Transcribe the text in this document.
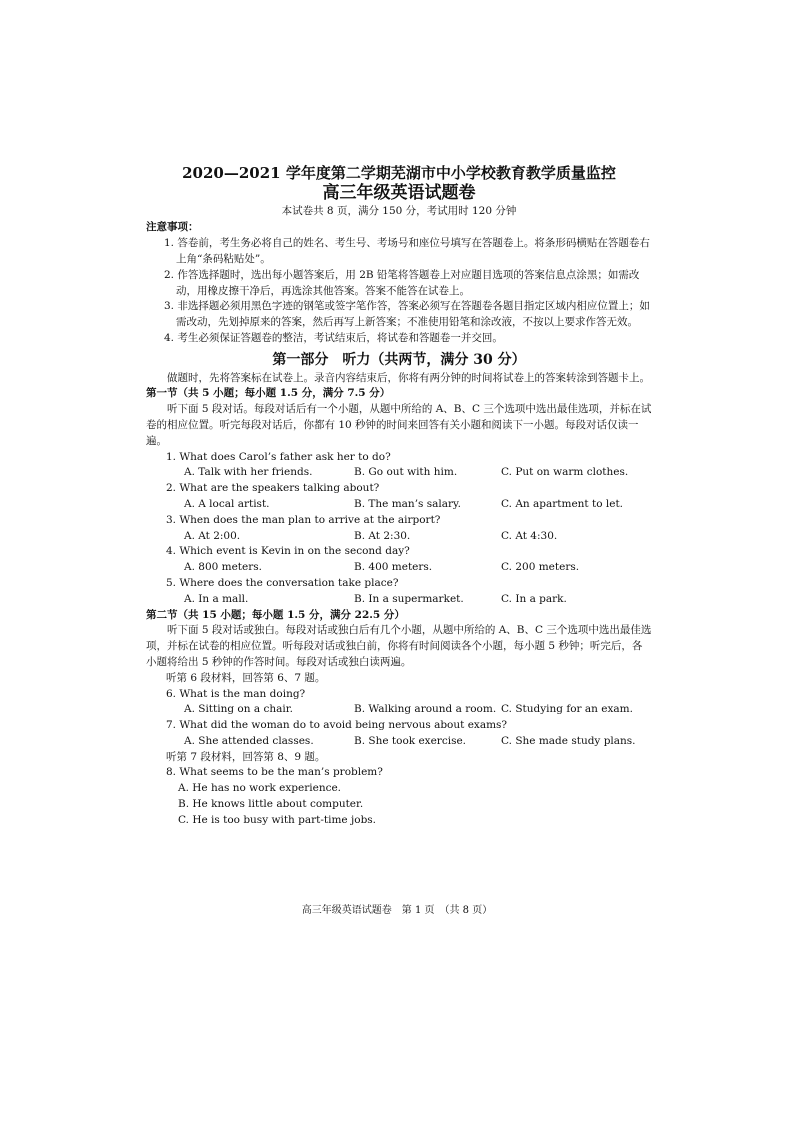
2020—2021 学年度第二学期芜湖市中小学校教育教学质量监控
高三年级英语试题卷
本试卷共 8 页，满分 150 分，考试用时 120 分钟
注意事项：
1. 答卷前，考生务必将自己的姓名、考生号、考场号和座位号填写在答题卷上。将条形码横贴在答题卷右上角“条码粘贴处”。
2. 作答选择题时，选出每小题答案后，用 2B 铅笔将答题卷上对应题目选项的答案信息点涂黑；如需改动，用橡皮擦干净后，再选涂其他答案。答案不能答在试卷上。
3. 非选择题必须用黑色字迹的钢笔或签字笔作答，答案必须写在答题卷各题目指定区域内相应位置上；如需改动，先划掉原来的答案，然后再写上新答案；不准使用铅笔和涂改液，不按以上要求作答无效。
4. 考生必须保证答题卷的整洁，考试结束后，将试卷和答题卷一并交回。
第一部分　听力（共两节，满分 30 分）
做题时，先将答案标在试卷上。录音内容结束后，你将有两分钟的时间将试卷上的答案转涂到答题卡上。
第一节（共 5 小题；每小题 1.5 分，满分 7.5 分）
听下面 5 段对话。每段对话后有一个小题，从题中所给的 A、B、C 三个选项中选出最佳选项，并标在试卷的相应位置。听完每段对话后，你都有 10 秒钟的时间来回答有关小题和阅读下一小题。每段对话仅读一遍。
1. What does Carol’s father ask her to do?
A. Talk with her friends.	B. Go out with him.	C. Put on warm clothes.
2. What are the speakers talking about?
A. A local artist.	B. The man’s salary.	C. An apartment to let.
3. When does the man plan to arrive at the airport?
A. At 2:00.	B. At 2:30.	C. At 4:30.
4. Which event is Kevin in on the second day?
A. 800 meters.	B. 400 meters.	C. 200 meters.
5. Where does the conversation take place?
A. In a mall.	B. In a supermarket.	C. In a park.
第二节（共 15 小题；每小题 1.5 分，满分 22.5 分）
听下面 5 段对话或独白。每段对话或独白后有几个小题，从题中所给的 A、B、C 三个选项中选出最佳选项，并标在试卷的相应位置。听每段对话或独白前，你将有时间阅读各个小题，每小题 5 秒钟；听完后，各小题将给出 5 秒钟的作答时间。每段对话或独白读两遍。
听第 6 段材料，回答第 6、7 题。
6. What is the man doing?
A. Sitting on a chair.	B. Walking around a room. C. Studying for an exam.
7. What did the woman do to avoid being nervous about exams?
A. She attended classes.	B. She took exercise.	C. She made study plans.
听第 7 段材料，回答第 8、9 题。
8. What seems to be the man’s problem?
A. He has no work experience.
B. He knows little about computer.
C. He is too busy with part-time jobs.
高三年级英语试题卷　第 1 页　（共 8 页）
